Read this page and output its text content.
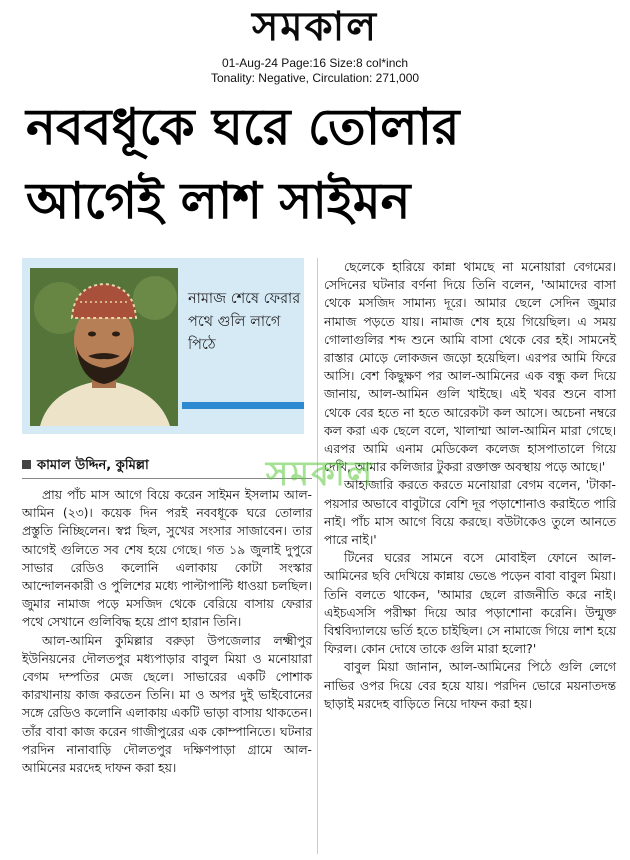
সমকাল
01-Aug-24 Page:16 Size:8 col*inch
Tonality: Negative, Circulation: 271,000
নববধূকে ঘরে তোলার
আগেই লাশ সাইমন
নামাজ শেষে ফেরার পথে গুলি লাগে পিঠে
কামাল উদ্দিন, কুমিল্লা

প্রায় পাঁচ মাস আগে বিয়ে করেন সাইমন ইসলাম আল-আমিন (২৩)। কয়েক দিন পরই নববধূকে ঘরে তোলার প্রস্তুতি নিচ্ছিলেন। স্বপ্ন ছিল, সুখের সংসার সাজাবেন। তার আগেই গুলিতে সব শেষ হয়ে গেছে। গত ১৯ জুলাই দুপুরে সাভার রেডিও কলোনি এলাকায় কোটা সংস্কার আন্দোলনকারী ও পুলিশের মধ্যে পাল্টাপাল্টি ধাওয়া চলছিল। জুমার নামাজ পড়ে মসজিদ থেকে বেরিয়ে বাসায় ফেরার পথে সেখানে গুলিবিদ্ধ হয়ে প্রাণ হারান তিনি।

আল-আমিন কুমিল্লার বরুড়া উপজেলার লক্ষ্মীপুর ইউনিয়নের দৌলতপুর মধ্যপাড়ার বাবুল মিয়া ও মনোয়ারা বেগম দম্পতির মেজ ছেলে। সাভারের একটি পোশাক কারখানায় কাজ করতেন তিনি। মা ও অপর দুই ভাইবোনের সঙ্গে রেডিও কলোনি এলাকায় একটি ভাড়া বাসায় থাকতেন। তাঁর বাবা কাজ করেন গাজীপুরের এক কোম্পানিতে। ঘটনার পরদিন নানাবাড়ি দৌলতপুর দক্ষিণপাড়া গ্রামে আল-আমিনের মরদেহ দাফন করা হয়।

ছেলেকে হারিয়ে কান্না থামছে না মনোয়ারা বেগমের। সেদিনের ঘটনার বর্ণনা দিয়ে তিনি বলেন, 'আমাদের বাসা থেকে মসজিদ সামান্য দূরে। আমার ছেলে সেদিন জুমার নামাজ পড়তে যায়। নামাজ শেষ হয়ে গিয়েছিল। এ সময় গোলাগুলির শব্দ শুনে আমি বাসা থেকে বের হই। সামনেই রাস্তার মোড়ে লোকজন জড়ো হয়েছিল। এরপর আমি ফিরে আসি। বেশ কিছুক্ষণ পর আল-আমিনের এক বন্ধু কল দিয়ে জানায়, আল-আমিন গুলি খাইছে। এই খবর শুনে বাসা থেকে বের হতে না হতে আরেকটা কল আসে। অচেনা নম্বরে কল করা এক ছেলে বলে, খালাম্মা আল-আমিন মারা গেছে। এরপর আমি এনাম মেডিকেল কলেজ হাসপাতালে গিয়ে দেখি, আমার কলিজার টুকরা রক্তাক্ত অবস্থায় পড়ে আছে।'

আহাজারি করতে করতে মনোয়ারা বেগম বলেন, 'টাকা-পয়সার অভাবে বাবুটারে বেশি দূর পড়াশোনাও করাইতে পারি নাই। পাঁচ মাস আগে বিয়ে করছে। বউটাকেও তুলে আনতে পারে নাই।'

টিনের ঘরের সামনে বসে মোবাইল ফোনে আল-আমিনের ছবি দেখিয়ে কান্নায় ভেঙে পড়েন বাবা বাবুল মিয়া। তিনি বলতে থাকেন, 'আমার ছেলে রাজনীতি করে নাই। এইচএসসি পরীক্ষা দিয়ে আর পড়াশোনা করেনি। উন্মুক্ত বিশ্ববিদ্যালয়ে ভর্তি হতে চাইছিল। সে নামাজে গিয়ে লাশ হয়ে ফিরল। কোন দোষে তাকে গুলি মারা হলো?'

বাবুল মিয়া জানান, আল-আমিনের পিঠে গুলি লেগে নাভির ওপর দিয়ে বের হয়ে যায়। পরদিন ভোরে ময়নাতদন্ত ছাড়াই মরদেহ বাড়িতে নিয়ে দাফন করা হয়।

সমকাল
